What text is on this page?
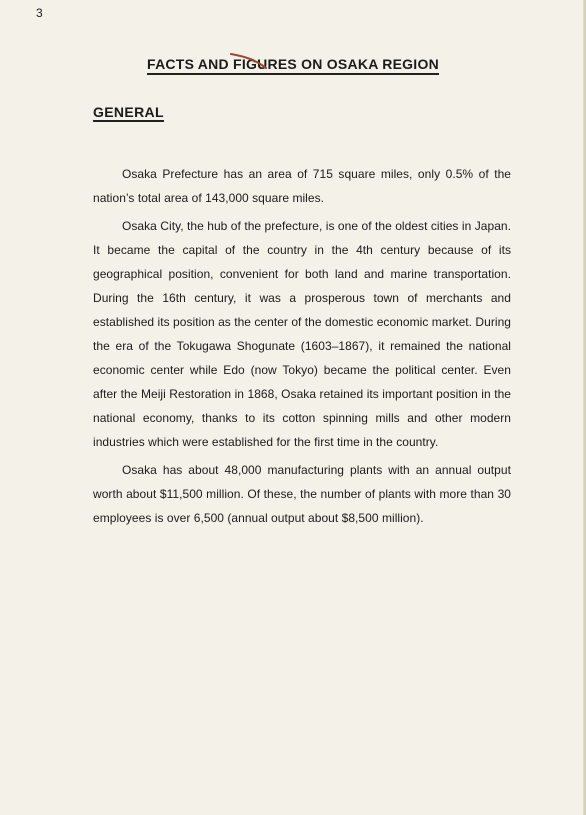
3
FACTS AND FIGURES ON OSAKA REGION
GENERAL

Osaka Prefecture has an area of 715 square miles, only 0.5% of the nation’s total area of 143,000 square miles.

Osaka City, the hub of the prefecture, is one of the oldest cities in Japan. It became the capital of the country in the 4th century because of its geographical position, convenient for both land and marine transportation. During the 16th century, it was a prosperous town of merchants and established its position as the center of the domestic economic market. During the era of the Tokugawa Shogunate (1603–1867), it remained the national economic center while Edo (now Tokyo) became the political center. Even after the Meiji Restoration in 1868, Osaka retained its important position in the national economy, thanks to its cotton spinning mills and other modern industries which were established for the first time in the country.

Osaka has about 48,000 manufacturing plants with an annual output worth about $11,500 million. Of these, the number of plants with more than 30 employees is over 6,500 (annual output about $8,500 million).
